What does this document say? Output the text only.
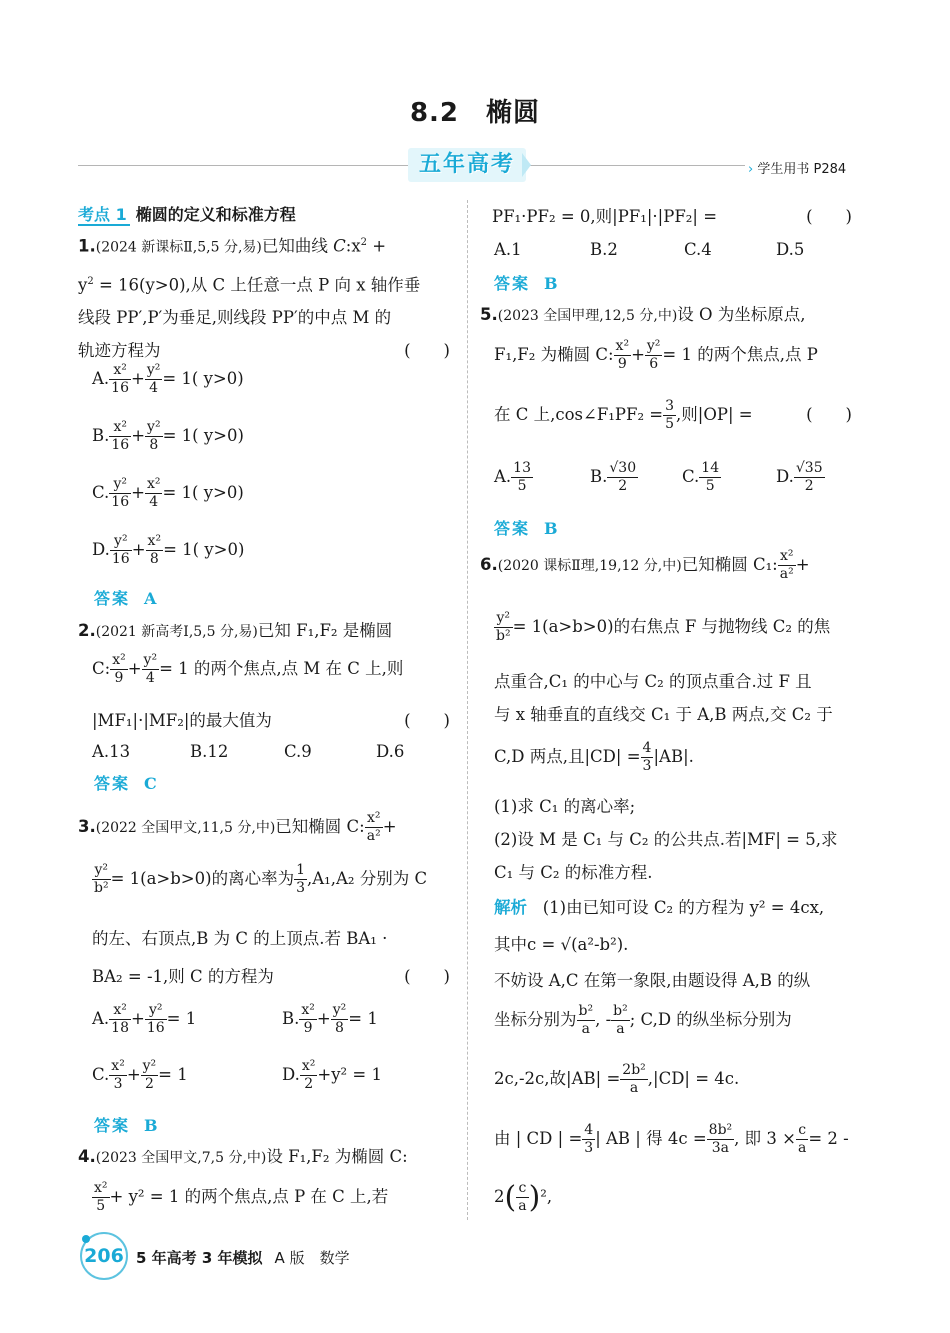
8.2 椭圆
五年高考	› 学生用书 P284
考点 1 椭圆的定义和标准方程
1.(2024 新课标Ⅱ,5,5 分,易)已知曲线 $C:x^2$ +
$y^2 = 16(y>0)$,从 C 上任意一点 P 向 x 轴作垂
线段 PP′,P′为垂足,则线段 PP′的中点 M 的
轨迹方程为	(  )
A. $\frac{\text{x²}}{16} + \frac{\text{y²}}{4} = 1$( y>0)
B. $\frac{\text{x²}}{16} + \frac{\text{y²}}{8} = 1$( y>0)
C. $\frac{\text{y²}}{16} + \frac{\text{x²}}{4} = 1$( y>0)
D. $\frac{\text{y²}}{16} + \frac{\text{x²}}{8} = 1$( y>0)
答案 A
2.(2021 新高考Ⅰ,5,5 分,易)已知 F₁,F₂ 是椭圆
C: $\frac{\text{x²}}{9} + \frac{\text{y²}}{4} = 1$ 的两个焦点,点 M 在 C 上,则
|MF₁|·|MF₂|的最大值为	(  )
A.13	B.12	C.9	D.6
答案 C
3.(2022 全国甲文,11,5 分,中)已知椭圆 C: $\frac{\text{x²}}{\text{a²}}$ +
$\frac{\text{y²}}{\text{b²}} = 1(a>b>0)$的离心率为 $\frac{1}{3} ,A_1,A_2$ 分别为 C
的左、右顶点,B 为 C 的上顶点.若 BA₁ ·
BA₂ = -1,则 C 的方程为	(  )
A. $\frac{\text{x²}}{18} + \frac{\text{y²}}{16} = 1$	B. $\frac{\text{x²}}{9} + \frac{\text{y²}}{8} = 1$
C. $\frac{\text{x²}}{3} + \frac{\text{y²}}{2} = 1$	D. $\frac{\text{x²}}{2} +y^2 = 1$
答案 B
4.(2023 全国甲文,7,5 分,中)设 F₁,F₂ 为椭圆 C:
$\frac{\text{x²}}{5} + y^2 = 1$ 的两个焦点,点 P 在 C 上,若
PF₁·PF₂ = 0,则|PF₁|·|PF₂| =	(  )
A.1	B.2	C.4	D.5
答案 B
5.(2023 全国甲理,12,5 分,中)设 O 为坐标原点,
F₁,F₂ 为椭圆 C: $\frac{\text{x²}}{9} + \frac{\text{y²}}{6} = 1$ 的两个焦点,点 P
在 C 上,cos∠F₁PF₂ = $\frac{3}{5}$ ,则|OP| =	(  )
A. $\frac{13}{5}$	B. $\frac{√30}{2}$	C. $\frac{14}{5}$	D. $\frac{√35}{2}$
答案 B
6.(2020 课标Ⅱ理,19,12 分,中)已知椭圆 C₁: $\frac{\text{x²}}{\text{a²}}$ +
$\frac{\text{y²}}{\text{b²}} = 1(a>b>0)$的右焦点 F 与抛物线 C₂ 的焦
点重合,C₁ 的中心与 C₂ 的顶点重合.过 F 且
与 x 轴垂直的直线交 C₁ 于 A,B 两点,交 C₂ 于
C,D 两点,且$|CD| = \frac{4}{3} |AB|$.
(1)求 C₁ 的离心率;
(2)设 M 是 C₁ 与 C₂ 的公共点.若|MF| = 5,求
C₁ 与 C₂ 的标准方程.
解析 (1)由已知可设 C₂ 的方程为 y² = 4cx,
其中c = √(a²-b²).
不妨设 A,C 在第一象限,由题设得 A,B 的纵
坐标分别为 $\frac{\text{b²}}{a}$ , - $\frac{\text{b²}}{a}$ ; C,D 的纵坐标分别为
2c,-2c,故$|AB| = \frac{\text{2b²}}{a} ,|CD| = 4c$.
由 | CD | = $\frac{4}{3}$ | AB | 得 $4c = \frac{\text{8b²}}{3a}$ , 即 $3 \times \frac{c}{a} = 2$ -
$2( \frac{c}{a} )^2$,
206 5 年高考 3 年模拟 A 版 数学
